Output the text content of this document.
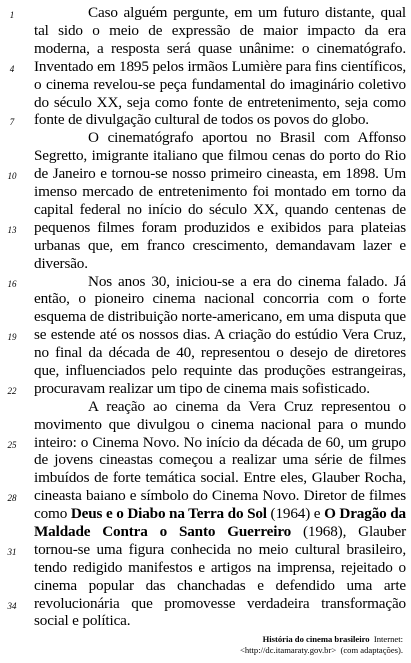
1
4
7
10
13
16
19
22
25
28
31
34
Caso alguém pergunte, em um futuro distante, qual
tal sido o meio de expressão de maior impacto da era
moderna, a resposta será quase unânime: o cinematógrafo.
Inventado em 1895 pelos irmãos Lumière para fins científicos,
o cinema revelou-se peça fundamental do imaginário coletivo
do século XX, seja como fonte de entretenimento, seja como
fonte de divulgação cultural de todos os povos do globo.
O cinematógrafo aportou no Brasil com Affonso
Segretto, imigrante italiano que filmou cenas do porto do Rio
de Janeiro e tornou-se nosso primeiro cineasta, em 1898. Um
imenso mercado de entretenimento foi montado em torno da
capital federal no início do século XX, quando centenas de
pequenos filmes foram produzidos e exibidos para plateias
urbanas que, em franco crescimento, demandavam lazer e
diversão.
Nos anos 30, iniciou-se a era do cinema falado. Já
então, o pioneiro cinema nacional concorria com o forte
esquema de distribuição norte-americano, em uma disputa que
se estende até os nossos dias. A criação do estúdio Vera Cruz,
no final da década de 40, representou o desejo de diretores
que, influenciados pelo requinte das produções estrangeiras,
procuravam realizar um tipo de cinema mais sofisticado.
A reação ao cinema da Vera Cruz representou o
movimento que divulgou o cinema nacional para o mundo
inteiro: o Cinema Novo. No início da década de 60, um grupo
de jovens cineastas começou a realizar uma série de filmes
imbuídos de forte temática social. Entre eles, Glauber Rocha,
cineasta baiano e símbolo do Cinema Novo. Diretor de filmes
como Deus e o Diabo na Terra do Sol (1964) e O Dragão da
Maldade Contra o Santo Guerreiro (1968), Glauber
tornou-se uma figura conhecida no meio cultural brasileiro,
tendo redigido manifestos e artigos na imprensa, rejeitado o
cinema popular das chanchadas e defendido uma arte
revolucionária que promovesse verdadeira transformação
social e política.
História do cinema brasileiro Internet:
<http://dc.itamaraty.gov.br> (com adaptações).
